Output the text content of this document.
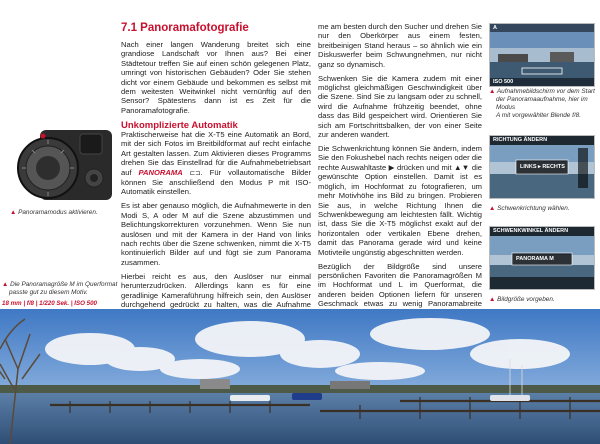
7.1 Panoramafotografie

Nach einer langen Wanderung breitet sich eine grandiose Landschaft vor Ihnen aus? Bei einer Städtetour treffen Sie auf einen schön gelegenen Platz, umringt von historischen Gebäuden? Oder Sie stehen dicht vor einem Gebäude und bekommen es selbst mit dem weitesten Weitwinkel nicht vernünftig auf den Sensor? Spätestens dann ist es Zeit für die Panoramafotografie.

Unkomplizierte Automatik
▲ Panoramamodus aktivieren.
▲ Die Panoramagröße M im Querformat
passte gut zu diesem Motiv.
18 mm | f/8 | 1/220 Sek. | ISO 500

Praktischerweise hat die X-T5 eine Automatik an Bord, mit der sich Fotos im Breitbildformat auf recht einfache Art gestalten lassen. Zum Aktivieren dieses Programms drehen Sie das Einstellrad für die Aufnahmebetriebsart auf PANORAMA ⊏⊐. Für vollautomatische Bilder können Sie anschließend den Modus P mit ISO-Automatik einstellen.

Es ist aber genauso möglich, die Aufnahmewerte in den Modi S, A oder M auf die Szene abzustimmen und Belichtungskorrekturen vorzunehmen. Wenn Sie nun auslösen und mit der Kamera in der Hand von links nach rechts über die Szene schwenken, nimmt die X-T5 kontinuierlich Bilder auf und fügt sie zum Panorama zusammen.

Hierbei reicht es aus, den Auslöser nur einmal herunterzudrücken. Allerdings kann es für eine geradlinige Kameraführung hilfreich sein, den Auslöser durchgehend gedrückt zu halten, was die Aufnahme

me am besten durch den Sucher und drehen Sie nur den Oberkörper aus einem festen, breitbeinigen Stand heraus – so ähnlich wie ein Diskuswerfer beim Schwungnehmen, nur nicht ganz so dynamisch.

Schwenken Sie die Kamera zudem mit einer möglichst gleichmäßigen Geschwindigkeit über die Szene. Sind Sie zu langsam oder zu schnell, wird die Aufnahme frühzeitig beendet, ohne dass das Bild gespeichert wird. Orientieren Sie sich am Fortschrittsbalken, der von einer Seite zur anderen wandert.

Die Schwenkrichtung können Sie ändern, indem Sie den Fokushebel nach rechts neigen oder die rechte Auswahltaste ▶ drücken und mit ▲▼ die gewünschte Option einstellen. Damit ist es möglich, im Hochformat zu fotografieren, um mehr Motivhöhe ins Bild zu bringen. Probieren Sie aus, in welche Richtung Ihnen die Schwenkbewegung am leichtesten fällt. Wichtig ist, dass Sie die X-T5 möglichst exakt auf der horizontalen oder vertikalen Ebene drehen, damit das Panorama gerade wird und keine Motivteile ungünstig abgeschnitten werden.

Bezüglich der Bildgröße sind unsere persönlichen Favoriten die Panoramagrößen M im Hochformat und L im Querformat, die anderen beiden Optionen liefern für unseren Geschmack etwas zu wenig Panoramabreite

A
ISO 500
▲ Aufnahmebildschirm vor dem Start
der Panoramaaufnahme, hier im Modus
A mit vorgewählter Blende f/8.
RICHTUNG ÄNDERN
LINKS ▸ RECHTS
▲ Schwenkrichtung wählen.
SCHWENKWINKEL ÄNDERN
PANORAMA M
▲ Bildgröße vorgeben.
